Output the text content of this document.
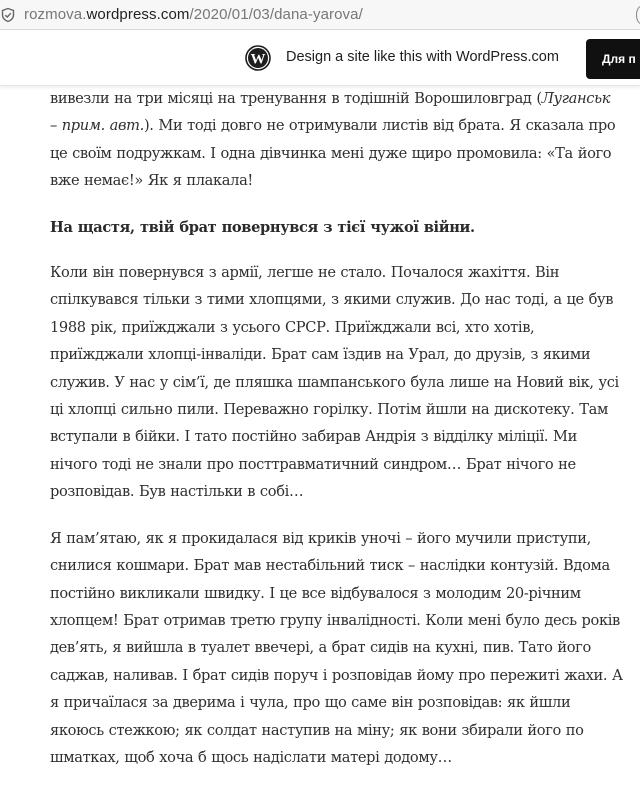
rozmova.wordpress.com/2020/01/03/dana-yarova/
W Design a site like this with WordPress.com	Для п

вивезли на три місяці на тренування в тодішній Ворошиловград (Луганськ
– прим. авт.). Ми тоді довго не отримували листів від брата. Я сказала про
це своїм подружкам. І одна дівчинка мені дуже щиро промовила: «Та його
вже немає!» Як я плакала!

На щастя, твій брат повернувся з тієї чужої війни.

Коли він повернувся з армії, легше не стало. Почалося жахіття. Він
спілкувався тільки з тими хлопцями, з якими служив. До нас тоді, а це був
1988 рік, приїжджали з усього СРСР. Приїжджали всі, хто хотів,
приїжджали хлопці-інваліди. Брат сам їздив на Урал, до друзів, з якими
служив. У нас у сім’ї, де пляшка шампанського була лише на Новий вік, усі
ці хлопці сильно пили. Переважно горілку. Потім йшли на дискотеку. Там
вступали в бійки. І тато постійно забирав Андрія з відділку міліції. Ми
нічого тоді не знали про посттравматичний синдром… Брат нічого не
розповідав. Був настільки в собі…

Я пам’ятаю, як я прокидалася від криків уночі – його мучили приступи,
снилися кошмари. Брат мав нестабільний тиск – наслідки контузій. Вдома
постійно викликали швидку. І це все відбувалося з молодим 20-річним
хлопцем! Брат отримав третю групу інвалідності. Коли мені було десь років
дев’ять, я вийшла в туалет ввечері, а брат сидів на кухні, пив. Тато його
саджав, наливав. І брат сидів поруч і розповідав йому про пережиті жахи. А
я причаїлася за дверима і чула, про що саме він розповідав: як йшли
якоюсь стежкою; як солдат наступив на міну; як вони збирали його по
шматках, щоб хоча б щось надіслати матері додому…
